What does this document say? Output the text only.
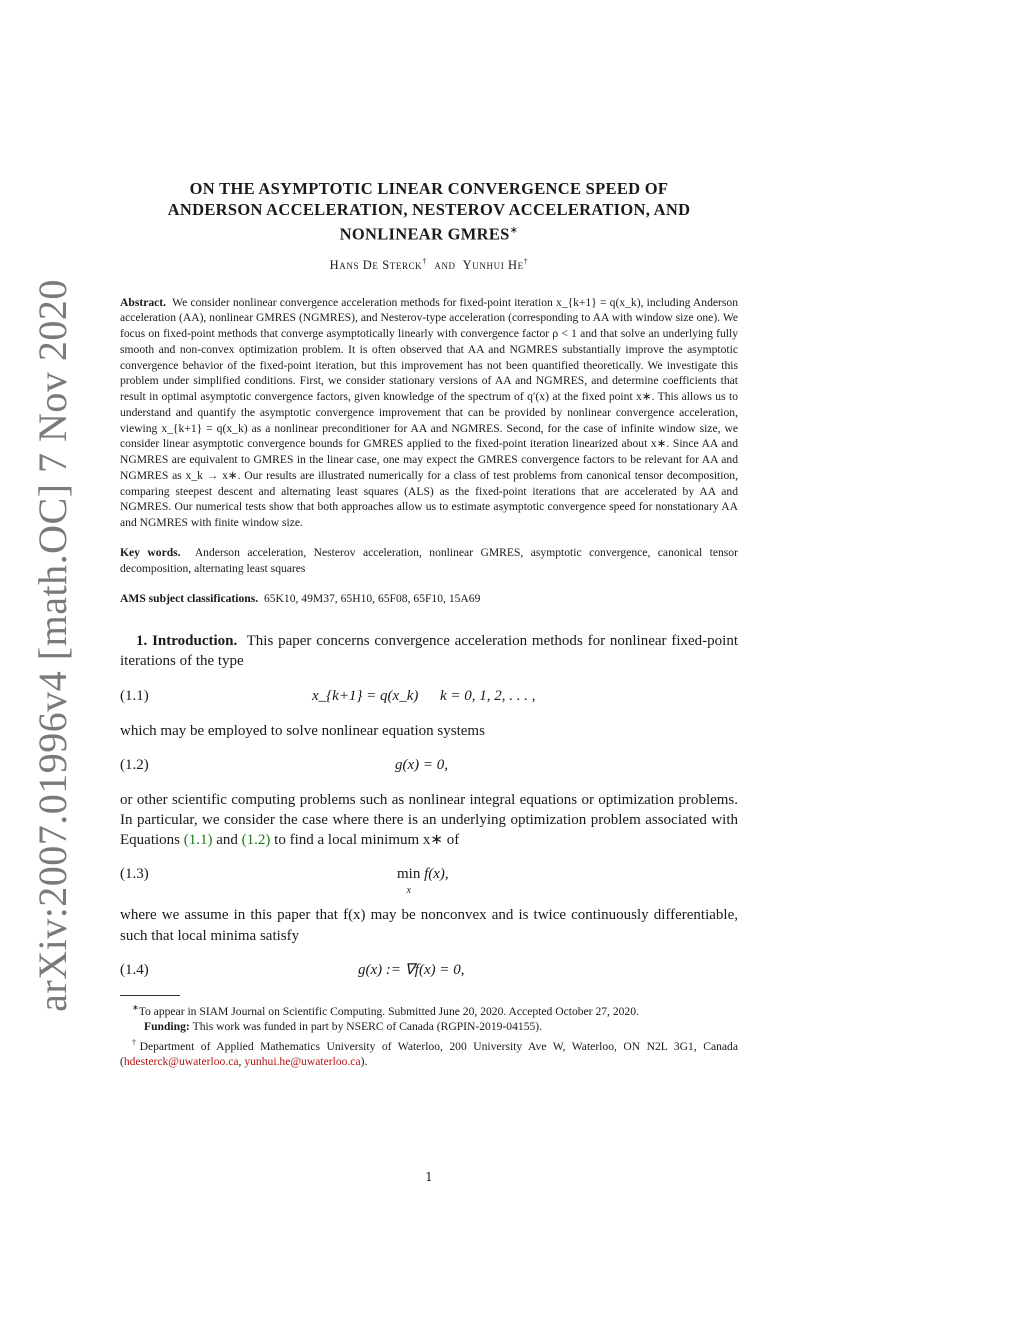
arXiv:2007.01996v4 [math.OC] 7 Nov 2020
ON THE ASYMPTOTIC LINEAR CONVERGENCE SPEED OF
ANDERSON ACCELERATION, NESTEROV ACCELERATION, AND
NONLINEAR GMRES∗
Hans De Sterck† and Yunhui He†
Abstract. We consider nonlinear convergence acceleration methods for fixed-point iteration x_{k+1} = q(x_k), including Anderson acceleration (AA), nonlinear GMRES (NGMRES), and Nesterov-type acceleration (corresponding to AA with window size one). We focus on fixed-point methods that converge asymptotically linearly with convergence factor ρ < 1 and that solve an underlying fully smooth and non-convex optimization problem. It is often observed that AA and NGMRES substantially improve the asymptotic convergence behavior of the fixed-point iteration, but this improvement has not been quantified theoretically. We investigate this problem under simplified conditions. First, we consider stationary versions of AA and NGMRES, and determine coefficients that result in optimal asymptotic convergence factors, given knowledge of the spectrum of q′(x) at the fixed point x∗. This allows us to understand and quantify the asymptotic convergence improvement that can be provided by nonlinear convergence acceleration, viewing x_{k+1} = q(x_k) as a nonlinear preconditioner for AA and NGMRES. Second, for the case of infinite window size, we consider linear asymptotic convergence bounds for GMRES applied to the fixed-point iteration linearized about x∗. Since AA and NGMRES are equivalent to GMRES in the linear case, one may expect the GMRES convergence factors to be relevant for AA and NGMRES as x_k → x∗. Our results are illustrated numerically for a class of test problems from canonical tensor decomposition, comparing steepest descent and alternating least squares (ALS) as the fixed-point iterations that are accelerated by AA and NGMRES. Our numerical tests show that both approaches allow us to estimate asymptotic convergence speed for nonstationary AA and NGMRES with finite window size.
Key words. Anderson acceleration, Nesterov acceleration, nonlinear GMRES, asymptotic convergence, canonical tensor decomposition, alternating least squares
AMS subject classifications. 65K10, 49M37, 65H10, 65F08, 65F10, 15A69
1. Introduction. This paper concerns convergence acceleration methods for nonlinear fixed-point iterations of the type
(1.1)	x_{k+1} = q(x_k) k = 0, 1, 2, . . . ,
which may be employed to solve nonlinear equation systems
(1.2)	g(x) = 0,
or other scientific computing problems such as nonlinear integral equations or optimization problems. In particular, we consider the case where there is an underlying optimization problem associated with Equations (1.1) and (1.2) to find a local minimum x∗ of
(1.3)	min
$^x$ f(x),
where we assume in this paper that f(x) may be nonconvex and is twice continuously differentiable, such that local minima satisfy
(1.4)	g(x) := ∇f(x) = 0,
∗To appear in SIAM Journal on Scientific Computing. Submitted June 20, 2020. Accepted October 27, 2020.
Funding: This work was funded in part by NSERC of Canada (RGPIN-2019-04155).
†Department of Applied Mathematics University of Waterloo, 200 University Ave W, Waterloo, ON N2L 3G1, Canada (hdesterck@uwaterloo.ca, yunhui.he@uwaterloo.ca).
1
